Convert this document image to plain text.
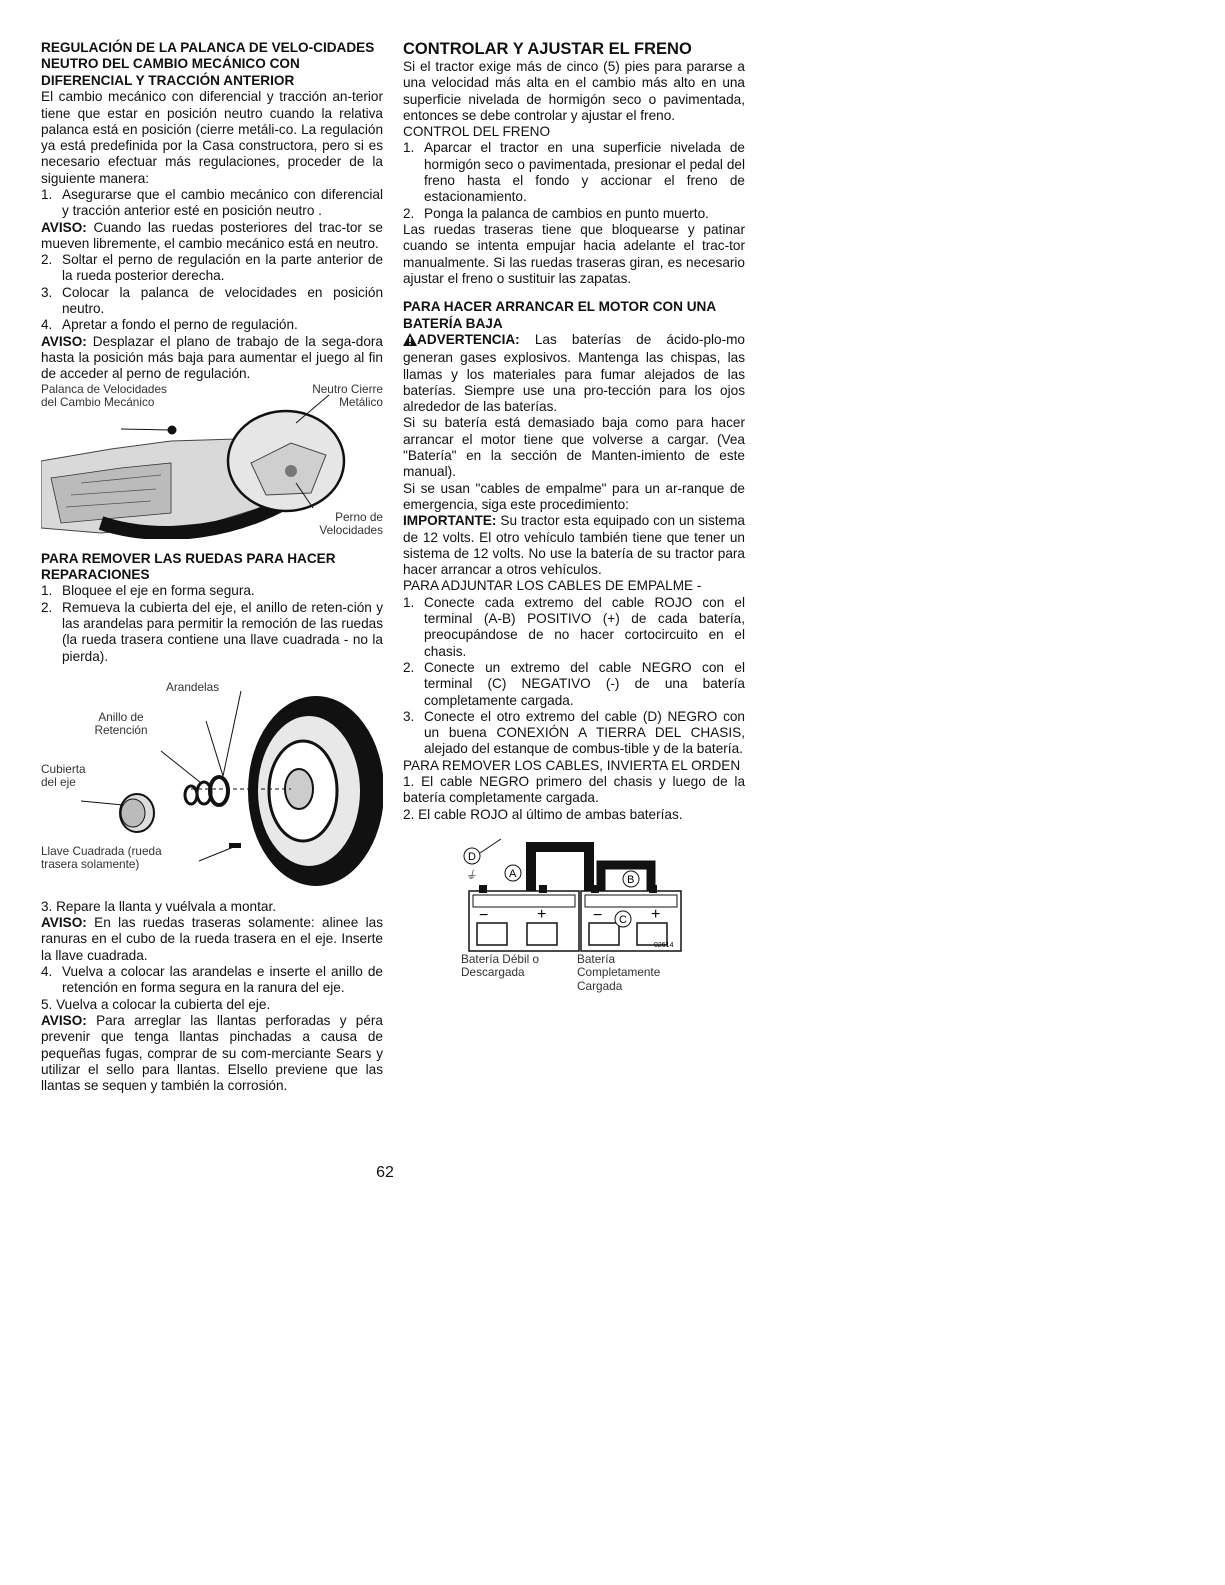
REGULACIÓN DE LA PALANCA DE VELO-CIDADES NEUTRO DEL CAMBIO MECÁNICO CON DIFERENCIAL Y TRACCIÓN ANTERIOR

El cambio mecánico con diferencial y tracción an-terior tiene que estar en posición neutro cuando la relativa palanca está en posición (cierre metáli-co. La regulación ya está predefinida por la Casa constructora, pero si es necesario efectuar más regulaciones, proceder de la siguiente manera:

1. Asegurarse que el cambio mecánico con diferencial y tracción anterior esté en posición neutro .

AVISO: Cuando las ruedas posteriores del trac-tor se mueven libremente, el cambio mecánico está en neutro.

2. Soltar el perno de regulación en la parte anterior de la rueda posterior derecha.
3. Colocar la palanca de velocidades en posición neutro.
4. Apretar a fondo el perno de regulación.

AVISO: Desplazar el plano de trabajo de la sega-dora hasta la posición más baja para aumentar el juego al fin de acceder al perno de regulación.

Palanca de Velocidades del Cambio Mecánico
Neutro Cierre Metálico
Perno de Velocidades
PARA REMOVER LAS RUEDAS PARA HACER REPARACIONES
1. Bloquee el eje en forma segura.
2. Remueva la cubierta del eje, el anillo de reten-ción y las arandelas para permitir la remoción de las ruedas (la rueda trasera contiene una llave cuadrada - no la pierda).
Arandelas
Anillo de Retención
Cubierta del eje
Llave Cuadrada (rueda trasera solamente)

3. Repare la llanta y vuélvala a montar.

AVISO: En las ruedas traseras solamente: alinee las ranuras en el cubo de la rueda trasera en el eje. Inserte la llave cuadrada.

4. Vuelva a colocar las arandelas e inserte el anillo de retención en forma segura en la ranura del eje.

5. Vuelva a colocar la cubierta del eje.

AVISO: Para arreglar las llantas perforadas y péra prevenir que tenga llantas pinchadas a causa de pequeñas fugas, comprar de su com-merciante Sears y utilizar el sello para llantas. Elsello previene que las llantas se sequen y también la corrosión.

CONTROLAR Y AJUSTAR EL FRENO

Si el tractor exige más de cinco (5) pies para pararse a una velocidad más alta en el cambio más alto en una superficie nivelada de hormigón seco o pavimentada, entonces se debe controlar y ajustar el freno.

CONTROL DEL FRENO

1. Aparcar el tractor en una superficie nivelada de hormigón seco o pavimentada, presionar el pedal del freno hasta el fondo y accionar el freno de estacionamiento.
2. Ponga la palanca de cambios en punto muerto.

Las ruedas traseras tiene que bloquearse y patinar cuando se intenta empujar hacia adelante el trac-tor manualmente. Si las ruedas traseras giran, es necesario ajustar el freno o sustituir las zapatas.

PARA HACER ARRANCAR EL MOTOR CON UNA BATERÍA BAJA

ADVERTENCIA: Las baterías de ácido-plo-mo generan gases explosivos. Mantenga las chispas, las llamas y los materiales para fumar alejados de las baterías. Siempre use una pro-tección para los ojos alrededor de las baterías.

Si su batería está demasiado baja como para hacer arrancar el motor tiene que volverse a cargar. (Vea "Batería" en la sección de Manten-imiento de este manual).

Si se usan "cables de empalme" para un ar-ranque de emergencia, siga este procedimiento:

IMPORTANTE: Su tractor esta equipado con un sistema de 12 volts. El otro vehículo también tiene que tener un sistema de 12 volts. No use la batería de su tractor para hacer arrancar a otros vehículos.

PARA ADJUNTAR LOS CABLES DE EMPALME -

1. Conecte cada extremo del cable ROJO con el terminal (A-B) POSITIVO (+) de cada batería, preocupándose de no hacer cortocircuito en el chasis.
2. Conecte un extremo del cable NEGRO con el terminal (C) NEGATIVO (-) de una batería completamente cargada.
3. Conecte el otro extremo del cable (D) NEGRO con un buena CONEXIÓN A TIERRA DEL CHASIS, alejado del estanque de combus-tible y de la batería.

PARA REMOVER LOS CABLES, INVIERTA EL ORDEN

1. El cable NEGRO primero del chasis y luego de la batería completamente cargada.

2. El cable ROJO al último de ambas baterías.

−	+	−	+
D
A	B
C
⏚
02614
Batería Débil o Descargada
Batería Completamente Cargada
62
